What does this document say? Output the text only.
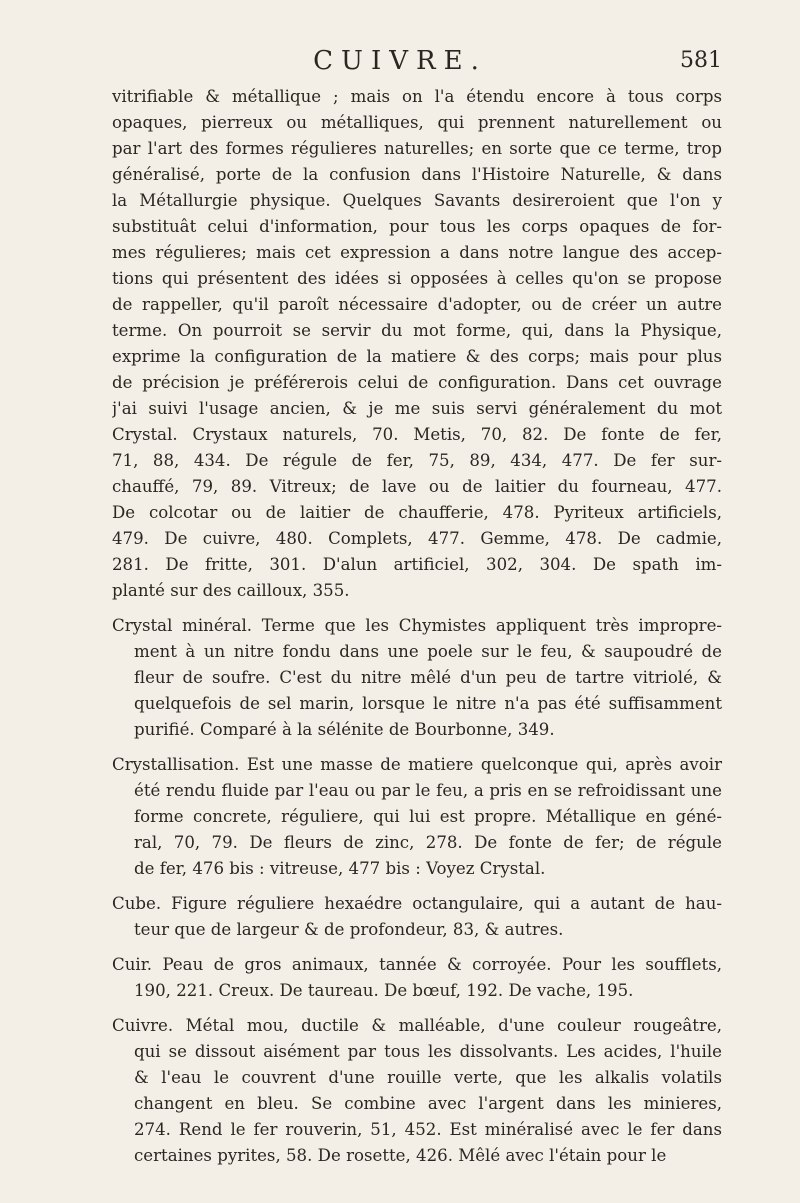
CUIVRE.	581
vitrifiable & métallique ; mais on l'a étendu encore à tous corps
opaques, pierreux ou métalliques, qui prennent naturellement ou
par l'art des formes régulieres naturelles; en sorte que ce terme, trop
généralisé, porte de la confusion dans l'Histoire Naturelle, & dans
la Métallurgie physique. Quelques Savants desireroient que l'on y
substituât celui d'information, pour tous les corps opaques de for-
mes régulieres; mais cet expression a dans notre langue des accep-
tions qui présentent des idées si opposées à celles qu'on se propose
de rappeller, qu'il paroît nécessaire d'adopter, ou de créer un autre
terme. On pourroit se servir du mot forme, qui, dans la Physique,
exprime la configuration de la matiere & des corps; mais pour plus
de précision je préférerois celui de configuration. Dans cet ouvrage
j'ai suivi l'usage ancien, & je me suis servi généralement du mot
Crystal. Crystaux naturels, 70. Metis, 70, 82. De fonte de fer,
71, 88, 434. De régule de fer, 75, 89, 434, 477. De fer sur-
chauffé, 79, 89. Vitreux; de lave ou de laitier du fourneau, 477.
De colcotar ou de laitier de chaufferie, 478. Pyriteux artificiels,
479. De cuivre, 480. Complets, 477. Gemme, 478. De cadmie,
281. De fritte, 301. D'alun artificiel, 302, 304. De spath im-
planté sur des cailloux, 355.
Crystal minéral. Terme que les Chymistes appliquent très impropre-
ment à un nitre fondu dans une poele sur le feu, & saupoudré de
fleur de soufre. C'est du nitre mêlé d'un peu de tartre vitriolé, &
quelquefois de sel marin, lorsque le nitre n'a pas été suffisamment
purifié. Comparé à la sélénite de Bourbonne, 349.
Crystallisation. Est une masse de matiere quelconque qui, après avoir
été rendu fluide par l'eau ou par le feu, a pris en se refroidissant une
forme concrete, réguliere, qui lui est propre. Métallique en géné-
ral, 70, 79. De fleurs de zinc, 278. De fonte de fer; de régule
de fer, 476 bis : vitreuse, 477 bis : Voyez Crystal.
Cube. Figure réguliere hexaédre octangulaire, qui a autant de hau-
teur que de largeur & de profondeur, 83, & autres.
Cuir. Peau de gros animaux, tannée & corroyée. Pour les soufflets,
190, 221. Creux. De taureau. De bœuf, 192. De vache, 195.
Cuivre. Métal mou, ductile & malléable, d'une couleur rougeâtre,
qui se dissout aisément par tous les dissolvants. Les acides, l'huile
& l'eau le couvrent d'une rouille verte, que les alkalis volatils
changent en bleu. Se combine avec l'argent dans les minieres,
274. Rend le fer rouverin, 51, 452. Est minéralisé avec le fer dans
certaines pyrites, 58. De rosette, 426. Mêlé avec l'étain pour le
